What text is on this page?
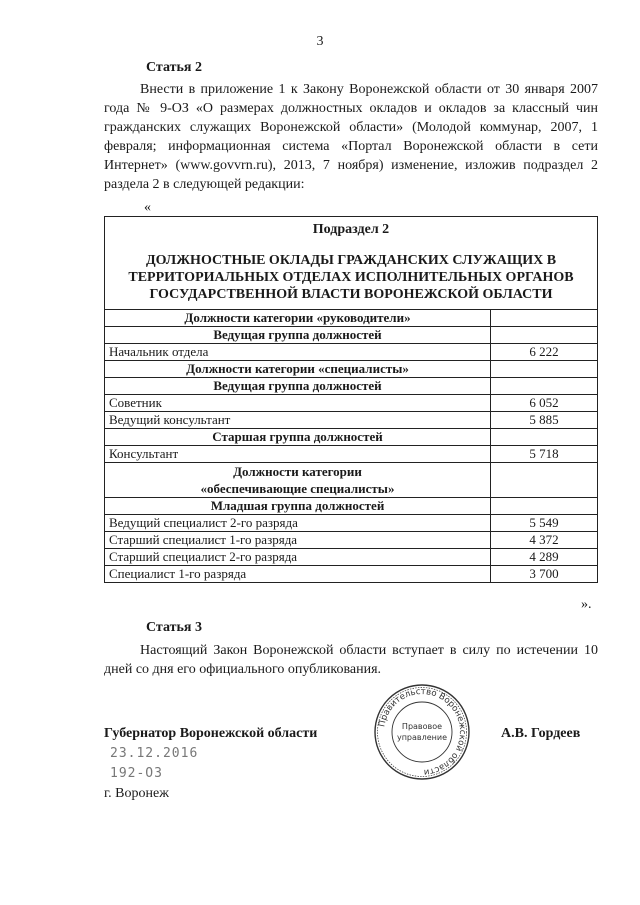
3
Статья 2

Внести в приложение 1 к Закону Воронежской области от 30 января 2007 года № 9-ОЗ «О размерах должностных окладов и окладов за классный чин гражданских служащих Воронежской области» (Молодой коммунар, 2007, 1 февраля; информационная система «Портал Воронежской области в сети Интернет» (www.govvrn.ru), 2013, 7 ноября) изменение, изложив подраздел 2 раздела 2 в следующей редакции:

«
Подраздел 2
ДОЛЖНОСТНЫЕ ОКЛАДЫ ГРАЖДАНСКИХ СЛУЖАЩИХ В ТЕРРИТОРИАЛЬНЫХ ОТДЕЛАХ ИСПОЛНИТЕЛЬНЫХ ОРГАНОВ ГОСУДАРСТВЕННОЙ ВЛАСТИ ВОРОНЕЖСКОЙ ОБЛАСТИ	

Должности категории «руководители»	
Ведущая группа должностей	
Начальник отдела	6 222
Должности категории «специалисты»	
Ведущая группа должностей	
Советник	6 052
Ведущий консультант	5 885
Старшая группа должностей	
Консультант	5 718
Должности категории
«обеспечивающие специалисты»	
Младшая группа должностей	
Ведущий специалист 2-го разряда	5 549
Старший специалист 1-го разряда	4 372
Старший специалист 2-го разряда	4 289
Специалист 1-го разряда	3 700
».
Статья 3

Настоящий Закон Воронежской области вступает в силу по истечении 10 дней со дня его официального опубликования.

Губернатор Воронежской области	А.В. Гордеев
23.12.2016
192-ОЗ
г. Воронеж
Правительство Воронежской области
Правовое
управление
